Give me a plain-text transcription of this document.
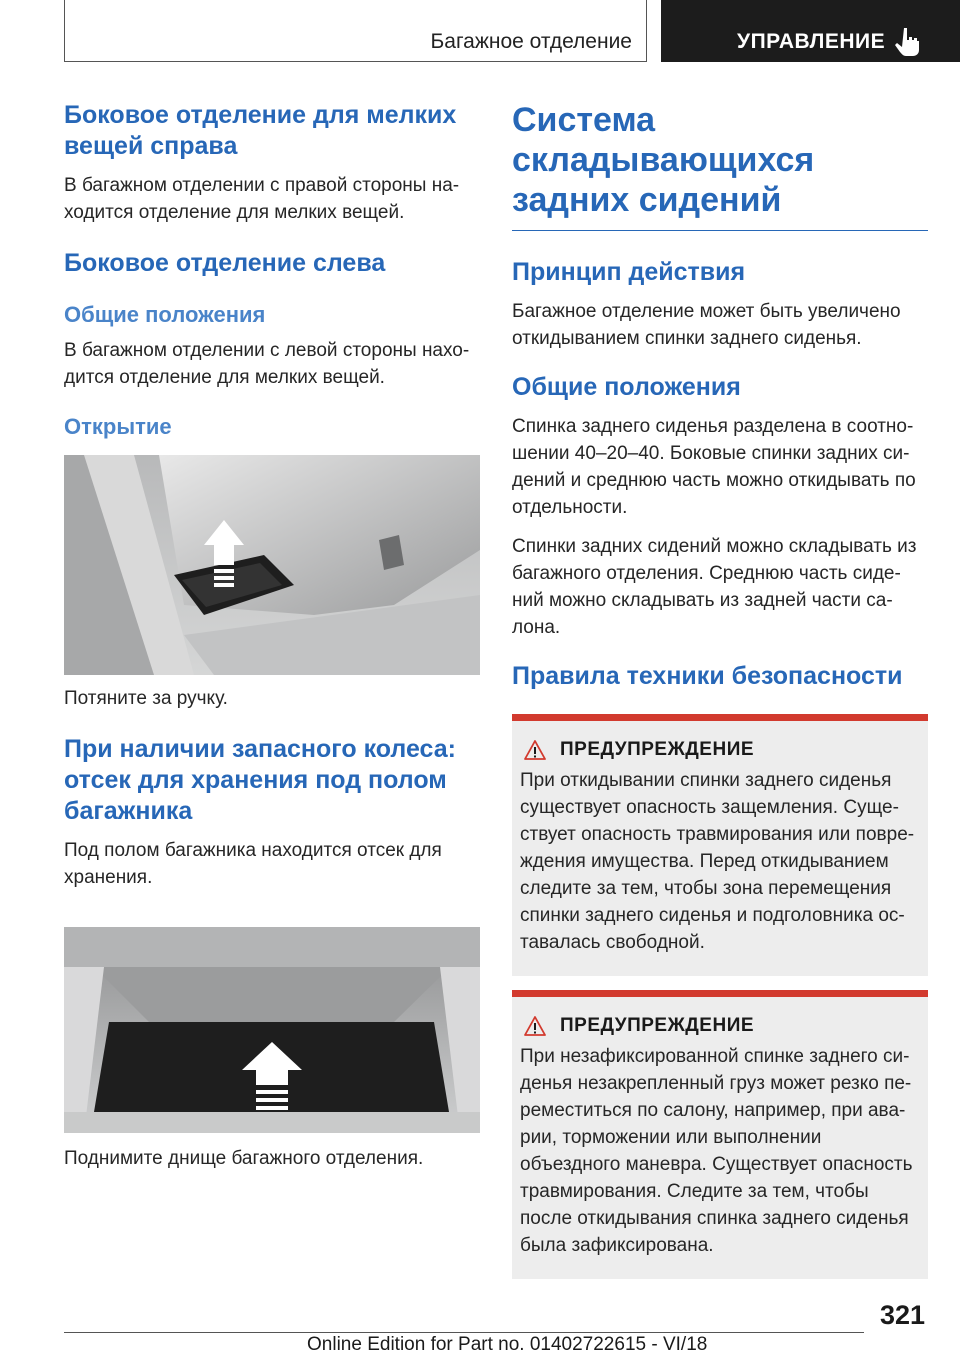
Багажное отделение	УПРАВЛЕНИЕ
Боковое отделение для мелких вещей справа

В багажном отделении с правой стороны на-ходится отделение для мелких вещей.

Боковое отделение слева
Общие положения

В багажном отделении с левой стороны нахо-дится отделение для мелких вещей.

Открытие

Потяните за ручку.

При наличии запасного колеса: отсек для хранения под полом багажника

Под полом багажника находится отсек для хранения.

Поднимите днище багажного отделения.

Система складывающихся задних сидений
Принцип действия

Багажное отделение может быть увеличено откидыванием спинки заднего сиденья.

Общие положения

Спинка заднего сиденья разделена в соотно-шении 40–20–40. Боковые спинки задних си-дений и среднюю часть можно откидывать по отдельности.

Спинки задних сидений можно складывать из багажного отделения. Среднюю часть сиде-ний можно складывать из задней части са-лона.

Правила техники безопасности
ПРЕДУПРЕЖДЕНИЕ

При откидывании спинки заднего сиденья существует опасность защемления. Суще-ствует опасность травмирования или повре-ждения имущества. Перед откидыванием следите за тем, чтобы зона перемещения спинки заднего сиденья и подголовника ос-тавалась свободной.

ПРЕДУПРЕЖДЕНИЕ

При незафиксированной спинке заднего си-денья незакрепленный груз может резко пе-реместиться по салону, например, при ава-рии, торможении или выполнении объездного маневра. Существует опасность травмирования. Следите за тем, чтобы после откидывания спинка заднего сиденья была зафиксирована.

321
Online Edition for Part no. 01402722615 - VI/18
